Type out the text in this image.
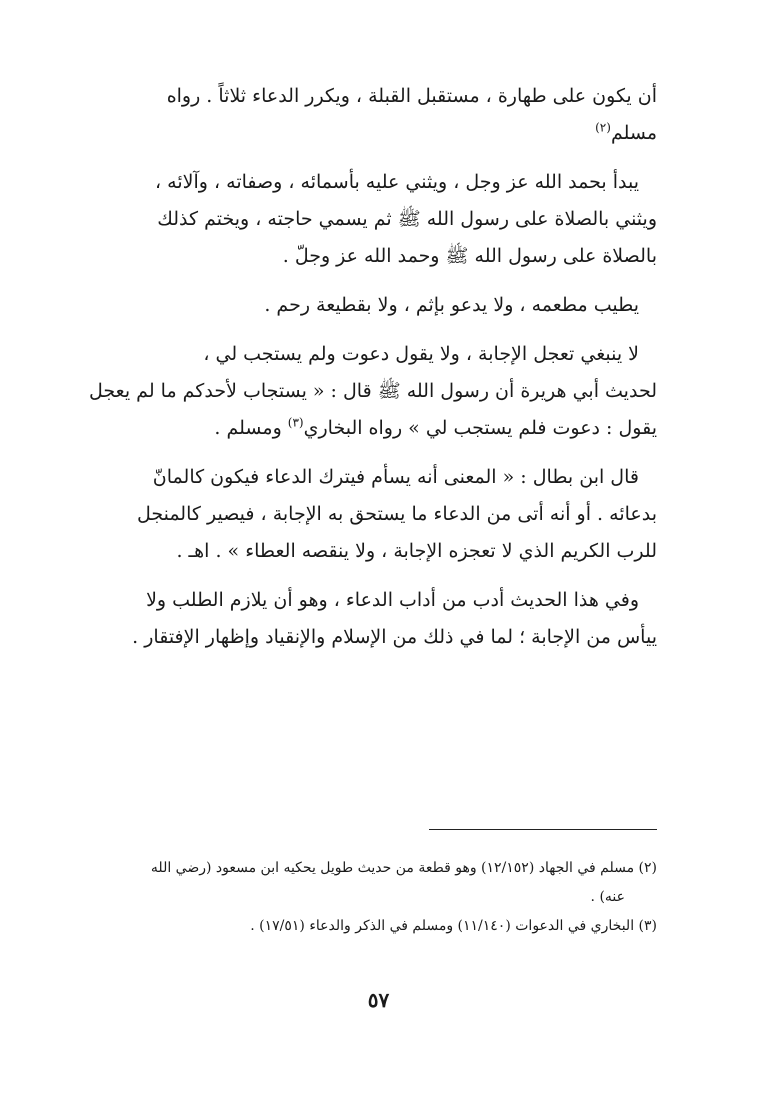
أن يكون على طهارة ، مستقبل القبلة ، ويكرر الدعاء ثلاثاً . رواه
مسلم$^{(٢)}$

يبدأ بحمد الله عز وجل ، ويثني عليه بأسمائه ، وصفاته ، وآلائه ،
ويثني بالصلاة على رسول الله ﷺ ثم يسمي حاجته ، ويختم كذلك
بالصلاة على رسول الله ﷺ وحمد الله عز وجلّ .

يطيب مطعمه ، ولا يدعو بإثم ، ولا بقطيعة رحم .

لا ينبغي تعجل الإجابة ، ولا يقول دعوت ولم يستجب لي ،
لحديث أبي هريرة أن رسول الله ﷺ قال : « يستجاب لأحدكم ما لم يعجل
يقول : دعوت فلم يستجب لي » رواه البخاري$^{(٣)}$ ومسلم .

قال ابن بطال : « المعنى أنه يسأم فيترك الدعاء فيكون كالمانّ
بدعائه . أو أنه أتى من الدعاء ما يستحق به الإجابة ، فيصير كالمنجل
للرب الكريم الذي لا تعجزه الإجابة ، ولا ينقصه العطاء » . اهـ .

وفي هذا الحديث أدب من أداب الدعاء ، وهو أن يلازم الطلب ولا
ييأس من الإجابة ؛ لما في ذلك من الإسلام والإنقياد وإظهار الإفتقار .

(٢) مسلم في الجهاد (١٢/١٥٢) وهو قطعة من حديث طويل يحكيه ابن مسعود (رضي الله
عنه) .
(٣) البخاري في الدعوات (١١/١٤٠) ومسلم في الذكر والدعاء (١٧/٥١) .
٥٧
